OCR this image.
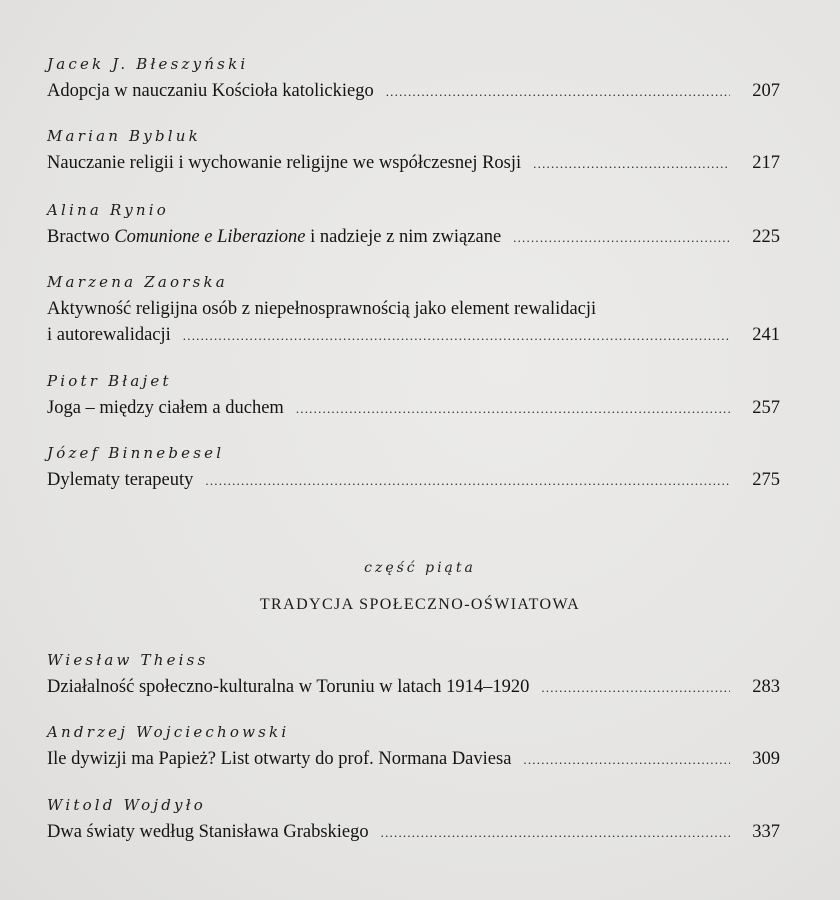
Jacek J. Błeszyński
Adopcja w nauczaniu Kościoła katolickiego .....	207
Marian Bybluk
Nauczanie religii i wychowanie religijne we współczesnej Rosji .....	217
Alina Rynio
Bractwo Comunione e Liberazione i nadzieje z nim związane .....	225
Marzena Zaorska
Aktywność religijna osób z niepełnosprawnością jako element rewalidacji
i autorewalidacji .....	241
Piotr Błajet
Joga – między ciałem a duchem .....	257
Józef Binnebesel
Dylematy terapeuty .....	275
część piąta
TRADYCJA SPOŁECZNO-OŚWIATOWA
Wiesław Theiss
Działalność społeczno-kulturalna w Toruniu w latach 1914–1920 .....	283
Andrzej Wojciechowski
Ile dywizji ma Papież? List otwarty do prof. Normana Daviesa .....	309
Witold Wojdyło
Dwa światy według Stanisława Grabskiego .....	337
